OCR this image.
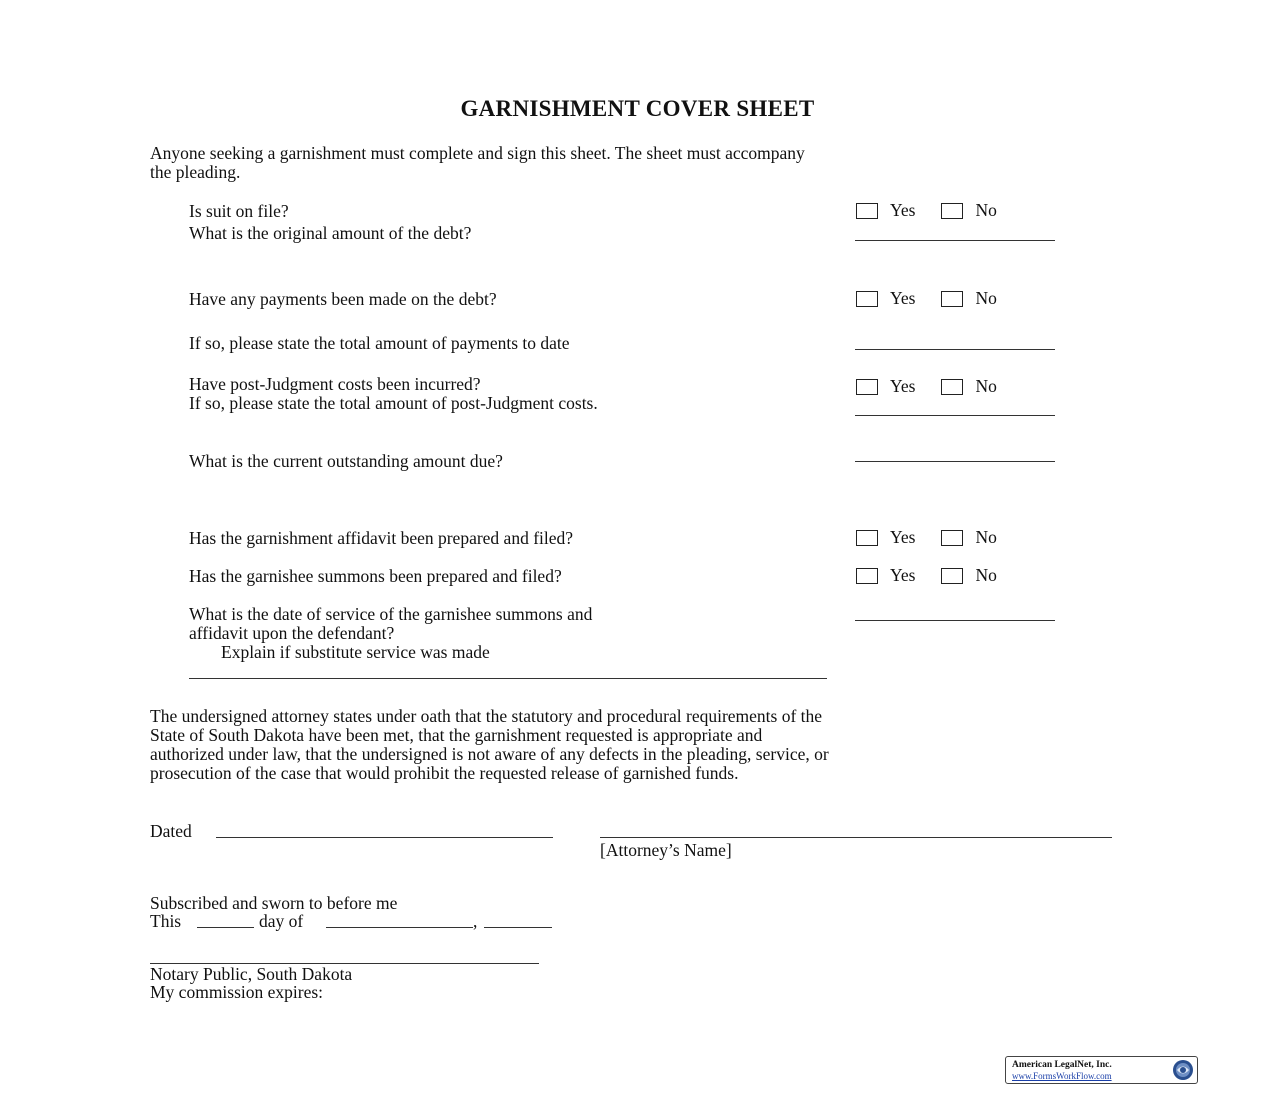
GARNISHMENT COVER SHEET
Anyone seeking a garnishment must complete and sign this sheet. The sheet must accompany
the pleading.
Is suit on file?	Yes	No
What is the original amount of the debt?
Have any payments been made on the debt?	Yes	No
If so, please state the total amount of payments to date
Have post-Judgment costs been incurred?	Yes	No
If so, please state the total amount of post-Judgment costs.
What is the current outstanding amount due?
Has the garnishment affidavit been prepared and filed?	Yes	No
Has the garnishee summons been prepared and filed?	Yes	No
What is the date of service of the garnishee summons and
affidavit upon the defendant?
Explain if substitute service was made
The undersigned attorney states under oath that the statutory and procedural requirements of the
State of South Dakota have been met, that the garnishment requested is appropriate and
authorized under law, that the undersigned is not aware of any defects in the pleading, service, or
prosecution of the case that would prohibit the requested release of garnished funds.
Dated
[Attorney’s Name]
Subscribed and sworn to before me
This	day of	,
Notary Public, South Dakota
My commission expires:
American LegalNet, Inc.
www.FormsWorkFlow.com
